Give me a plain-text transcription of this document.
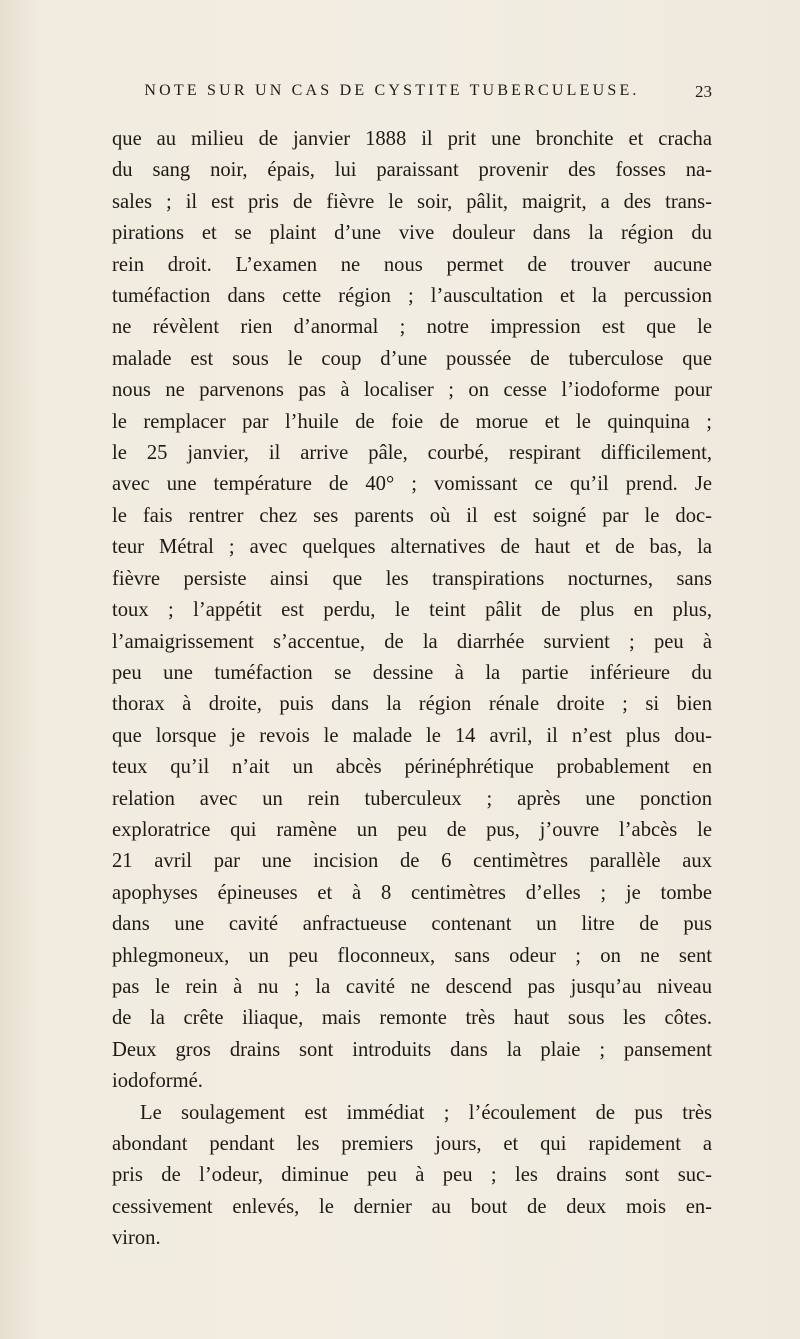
NOTE SUR UN CAS DE CYSTITE TUBERCULEUSE.	23
que au milieu de janvier 1888 il prit une bronchite et cracha
du sang noir, épais, lui paraissant provenir des fosses na-
sales ; il est pris de fièvre le soir, pâlit, maigrit, a des trans-
pirations et se plaint d’une vive douleur dans la région du
rein droit. L’examen ne nous permet de trouver aucune
tuméfaction dans cette région ; l’auscultation et la percussion
ne révèlent rien d’anormal ; notre impression est que le
malade est sous le coup d’une poussée de tuberculose que
nous ne parvenons pas à localiser ; on cesse l’iodoforme pour
le remplacer par l’huile de foie de morue et le quinquina ;
le 25 janvier, il arrive pâle, courbé, respirant difficilement,
avec une température de 40° ; vomissant ce qu’il prend. Je
le fais rentrer chez ses parents où il est soigné par le doc-
teur Métral ; avec quelques alternatives de haut et de bas, la
fièvre persiste ainsi que les transpirations nocturnes, sans
toux ; l’appétit est perdu, le teint pâlit de plus en plus,
l’amaigrissement s’accentue, de la diarrhée survient ; peu à
peu une tuméfaction se dessine à la partie inférieure du
thorax à droite, puis dans la région rénale droite ; si bien
que lorsque je revois le malade le 14 avril, il n’est plus dou-
teux qu’il n’ait un abcès périnéphrétique probablement en
relation avec un rein tuberculeux ; après une ponction
exploratrice qui ramène un peu de pus, j’ouvre l’abcès le
21 avril par une incision de 6 centimètres parallèle aux
apophyses épineuses et à 8 centimètres d’elles ; je tombe
dans une cavité anfractueuse contenant un litre de pus
phlegmoneux, un peu floconneux, sans odeur ; on ne sent
pas le rein à nu ; la cavité ne descend pas jusqu’au niveau
de la crête iliaque, mais remonte très haut sous les côtes.
Deux gros drains sont introduits dans la plaie ; pansement
iodoformé.
Le soulagement est immédiat ; l’écoulement de pus très
abondant pendant les premiers jours, et qui rapidement a
pris de l’odeur, diminue peu à peu ; les drains sont suc-
cessivement enlevés, le dernier au bout de deux mois en-
viron.
